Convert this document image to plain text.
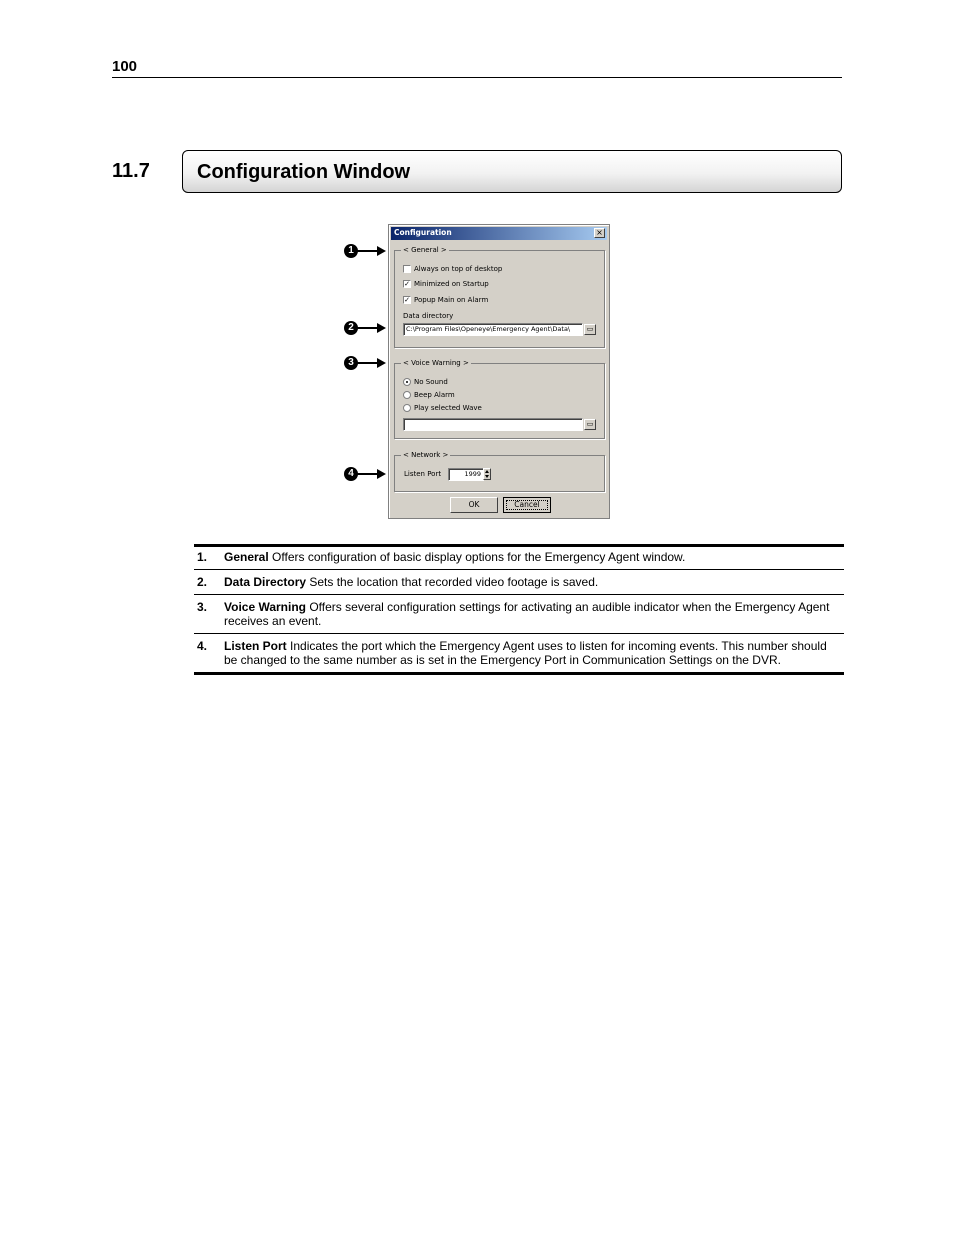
100
11.7 Configuration Window
1
2
3
4
Configuration	×
< General >
Always on top of desktop
✓ Minimized on Startup
✓ Popup Main on Alarm
Data directory
C:\Program Files\Openeye\Emergency Agent\Data\	▭
< Voice Warning >
No Sound
Beep Alarm
Play selected Wave
▭
< Network >
Listen Port	1999
OK	Cancel
1.	General Offers configuration of basic display options for the Emergency Agent window.
2.	Data Directory Sets the location that recorded video footage is saved.
3.	Voice Warning Offers several configuration settings for activating an audible indicator when the Emergency Agent receives an event.
4.	Listen Port Indicates the port which the Emergency Agent uses to listen for incoming events. This number should be changed to the same number as is set in the Emergency Port in Communication Settings on the DVR.
